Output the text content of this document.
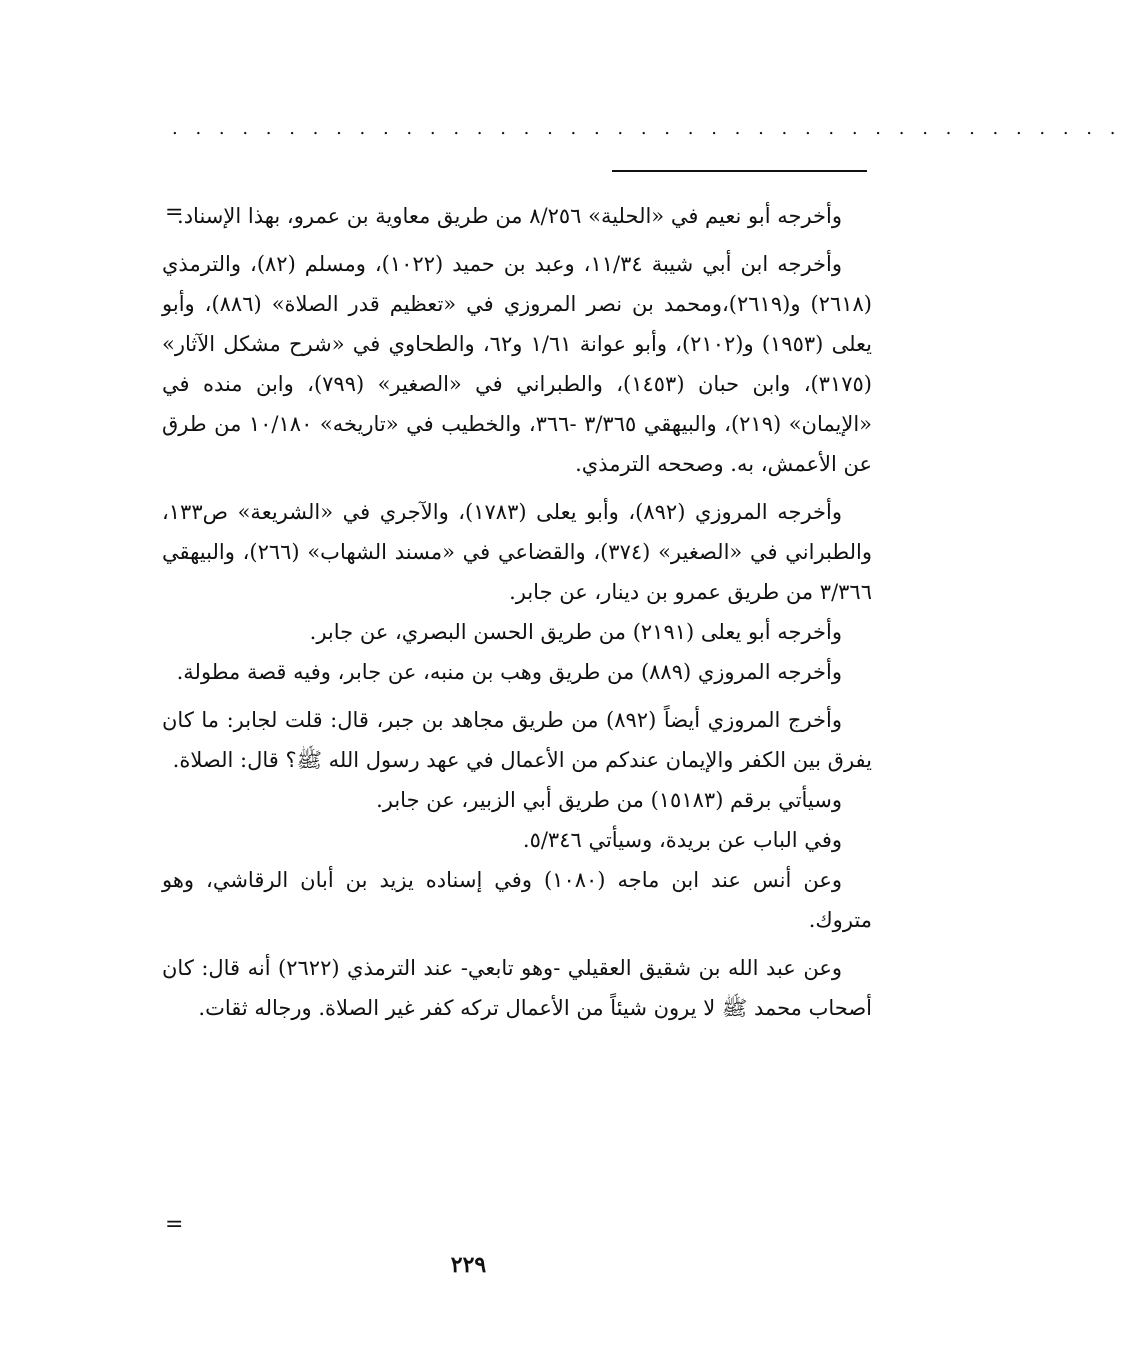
. . . . . . . . . . . . . . . . . . . . . . . . . . . . . . . . . . . . . . . . .
=

وأخرجه أبو نعيم في «الحلية» ٨/٢٥٦ من طريق معاوية بن عمرو، بهذا الإسناد.

وأخرجه ابن أبي شيبة ١١/٣٤، وعبد بن حميد (١٠٢٢)، ومسلم (٨٢)، والترمذي (٢٦١٨) و(٢٦١٩)،ومحمد بن نصر المروزي في «تعظيم قدر الصلاة» (٨٨٦)، وأبو يعلى (١٩٥٣) و(٢١٠٢)، وأبو عوانة ١/٦١ و٦٢، والطحاوي في «شرح مشكل الآثار» (٣١٧٥)، وابن حبان (١٤٥٣)، والطبراني في «الصغير» (٧٩٩)، وابن منده في «الإيمان» (٢١٩)، والبيهقي ٣/٣٦٥ -٣٦٦، والخطيب في «تاريخه» ١٠/١٨٠ من طرق عن الأعمش، به. وصححه الترمذي.

وأخرجه المروزي (٨٩٢)، وأبو يعلى (١٧٨٣)، والآجري في «الشريعة» ص١٣٣، والطبراني في «الصغير» (٣٧٤)، والقضاعي في «مسند الشهاب» (٢٦٦)، والبيهقي ٣/٣٦٦ من طريق عمرو بن دينار، عن جابر.

وأخرجه أبو يعلى (٢١٩١) من طريق الحسن البصري، عن جابر.

وأخرجه المروزي (٨٨٩) من طريق وهب بن منبه، عن جابر، وفيه قصة مطولة.

وأخرج المروزي أيضاً (٨٩٢) من طريق مجاهد بن جبر، قال: قلت لجابر: ما كان يفرق بين الكفر والإيمان عندكم من الأعمال في عهد رسول الله ﷺ؟ قال: الصلاة.

وسيأتي برقم (١٥١٨٣) من طريق أبي الزبير، عن جابر.

وفي الباب عن بريدة، وسيأتي ٥/٣٤٦.

وعن أنس عند ابن ماجه (١٠٨٠) وفي إسناده يزيد بن أبان الرقاشي، وهو متروك.

وعن عبد الله بن شقيق العقيلي -وهو تابعي- عند الترمذي (٢٦٢٢) أنه قال: كان أصحاب محمد ﷺ لا يرون شيئاً من الأعمال تركه كفر غير الصلاة. ورجاله ثقات.

=
٢٢٩
